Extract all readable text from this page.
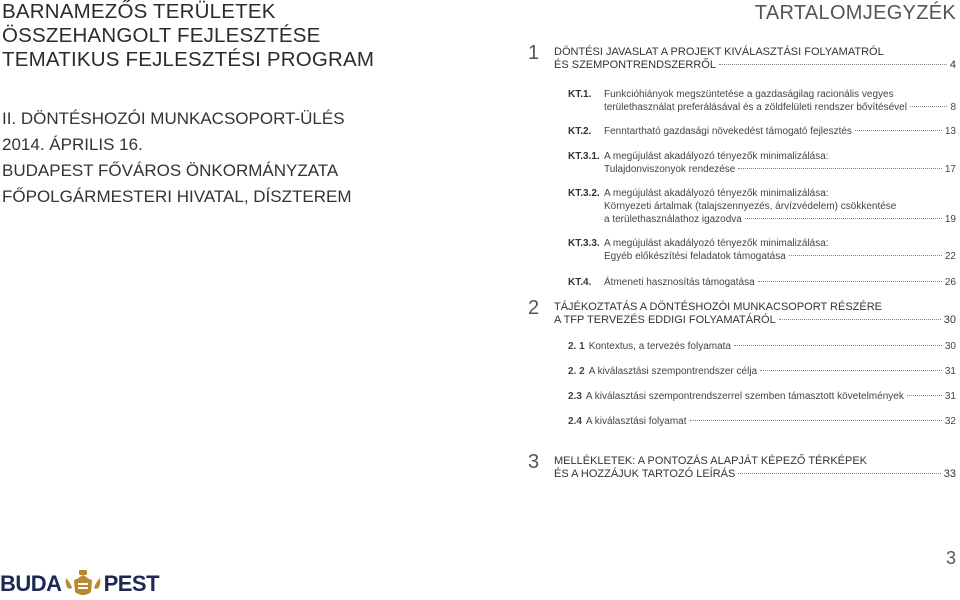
BARNAMEZŐS TERÜLETEK
ÖSSZEHANGOLT FEJLESZTÉSE
TEMATIKUS FEJLESZTÉSI PROGRAM
II. DÖNTÉSHOZÓI MUNKACSOPORT-ÜLÉS
2014. ÁPRILIS 16.
BUDAPEST FŐVÁROS ÖNKORMÁNYZATA
FŐPOLGÁRMESTERI HIVATAL, DÍSZTEREM
TARTALOMJEGYZÉK
1 DÖNTÉSI JAVASLAT A PROJEKT KIVÁLASZTÁSI FOLYAMATRÓL
ÉS SZEMPONTRENDSZERRŐL	4
KT.1. Funkcióhiányok megszüntetése a gazdaságilag racionális vegyes
területhasználat preferálásával és a zöldfelületi rendszer bővítésével	8
KT.2. Fenntartható gazdasági növekedést támogató fejlesztés	13
KT.3.1. A megújulást akadályozó tényezők minimalizálása:
Tulajdonviszonyok rendezése	17
KT.3.2. A megújulást akadályozó tényezők minimalizálása:
Környezeti ártalmak (talajszennyezés, árvízvédelem) csökkentése
a területhasználathoz igazodva	19
KT.3.3. A megújulást akadályozó tényezők minimalizálása:
Egyéb előkészítési feladatok támogatása	22
KT.4. Átmeneti hasznosítás támogatása	26
2 TÁJÉKOZTATÁS A DÖNTÉSHOZÓI MUNKACSOPORT RÉSZÉRE
A TFP TERVEZÉS EDDIGI FOLYAMATÁRÓL	30
2. 1 Kontextus, a tervezés folyamata	30
2. 2 A kiválasztási szempontrendszer célja	31
2.3 A kiválasztási szempontrendszerrel szemben támasztott követelmények	31
2.4 A kiválasztási folyamat	32
3 MELLÉKLETEK: A PONTOZÁS ALAPJÁT KÉPEZŐ TÉRKÉPEK
ÉS A HOZZÁJUK TARTOZÓ LEÍRÁS	33
3
BUDA PEST
